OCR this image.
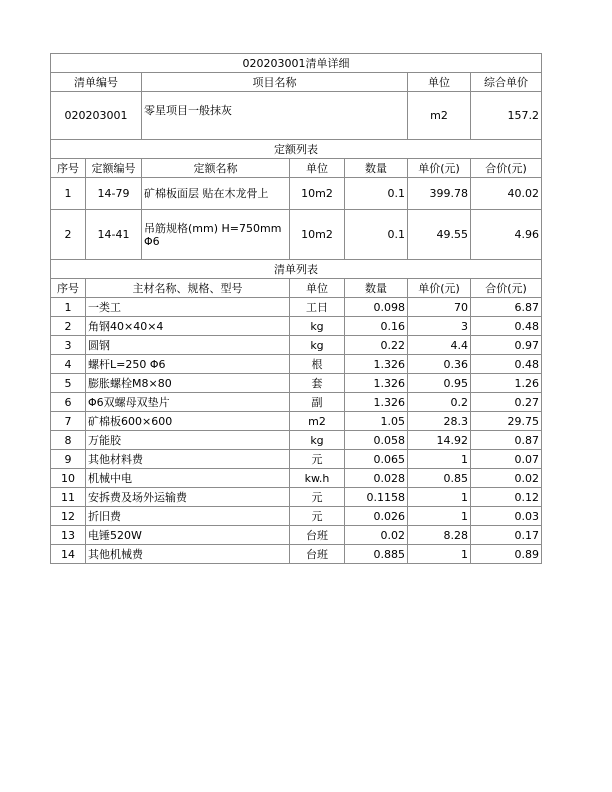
020203001清单详细						
清单编号		项目名称			单位	综合单价
020203001		零星项目一般抹灰			m2	157.2
定额列表						
序号	定额编号	定额名称	单位	数量	单价(元)	合价(元)
1	14-79	矿棉板面层 贴在木龙骨上	10m2	0.1	399.78	40.02
2	14-41	吊筋规格(mm) H=750mm Φ6	10m2	0.1	49.55	4.96
清单列表						
序号	主材名称、规格、型号		单位	数量	单价(元)	合价(元)
1	一类工		工日	0.098	70	6.87
2	角钢40×40×4		kg	0.16	3	0.48
3	圆钢		kg	0.22	4.4	0.97
4	螺杆L=250 Φ6		根	1.326	0.36	0.48
5	膨胀螺栓M8×80		套	1.326	0.95	1.26
6	Φ6双螺母双垫片		副	1.326	0.2	0.27
7	矿棉板600×600		m2	1.05	28.3	29.75
8	万能胶		kg	0.058	14.92	0.87
9	其他材料费		元	0.065	1	0.07
10	机械中电		kw.h	0.028	0.85	0.02
11	安拆费及场外运输费		元	0.1158	1	0.12
12	折旧费		元	0.026	1	0.03
13	电锤520W		台班	0.02	8.28	0.17
14	其他机械费		台班	0.885	1	0.89
